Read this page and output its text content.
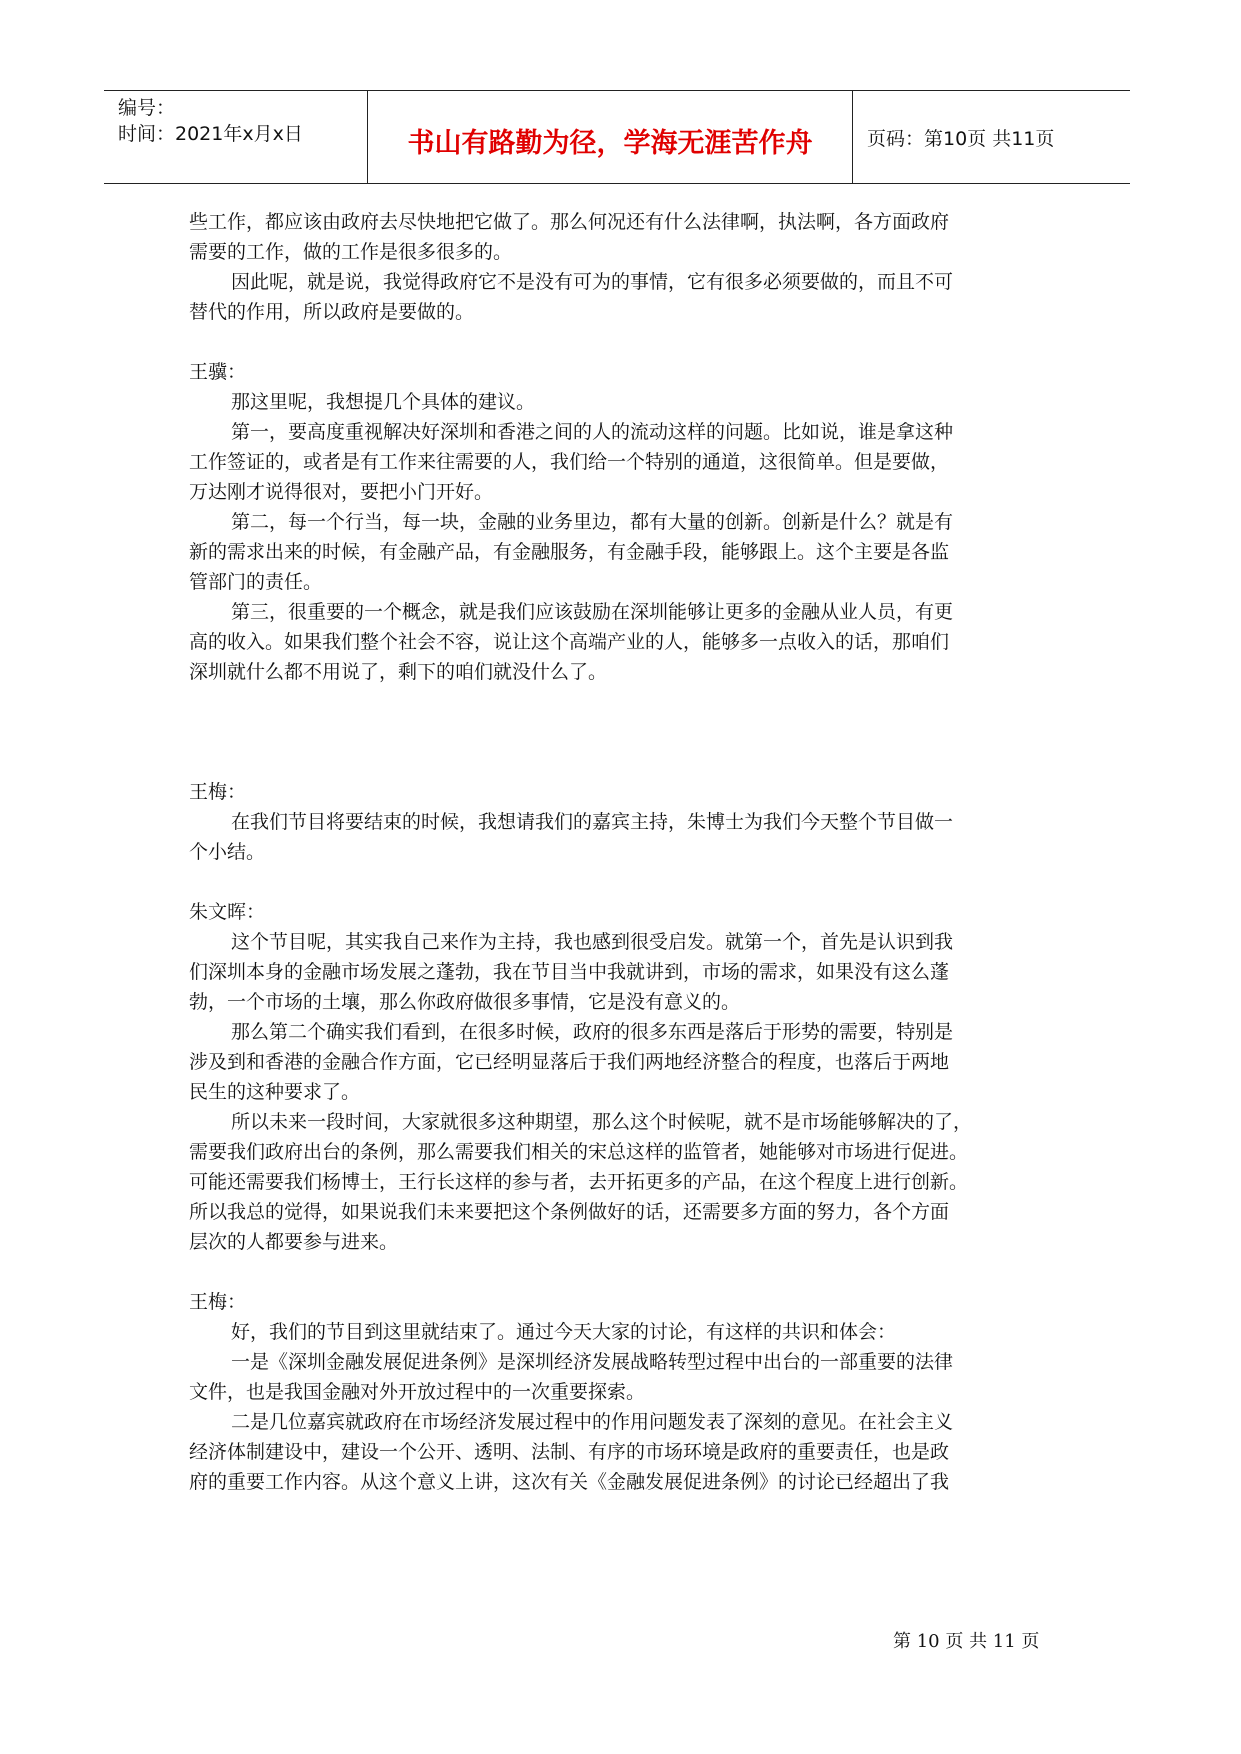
编号：
时间：2021年x月x日	书山有路勤为径，学海无涯苦作舟	页码：第10页 共11页
些工作，都应该由政府去尽快地把它做了。那么何况还有什么法律啊，执法啊，各方面政府
需要的工作，做的工作是很多很多的。
因此呢，就是说，我觉得政府它不是没有可为的事情，它有很多必须要做的，而且不可
替代的作用，所以政府是要做的。
王骥：
那这里呢，我想提几个具体的建议。
第一，要高度重视解决好深圳和香港之间的人的流动这样的问题。比如说，谁是拿这种
工作签证的，或者是有工作来往需要的人，我们给一个特别的通道，这很简单。但是要做，
万达刚才说得很对，要把小门开好。
第二，每一个行当，每一块，金融的业务里边，都有大量的创新。创新是什么？就是有
新的需求出来的时候，有金融产品，有金融服务，有金融手段，能够跟上。这个主要是各监
管部门的责任。
第三，很重要的一个概念，就是我们应该鼓励在深圳能够让更多的金融从业人员，有更
高的收入。如果我们整个社会不容，说让这个高端产业的人，能够多一点收入的话，那咱们
深圳就什么都不用说了，剩下的咱们就没什么了。
王梅：
在我们节目将要结束的时候，我想请我们的嘉宾主持，朱博士为我们今天整个节目做一
个小结。
朱文晖：
这个节目呢，其实我自己来作为主持，我也感到很受启发。就第一个，首先是认识到我
们深圳本身的金融市场发展之蓬勃，我在节目当中我就讲到，市场的需求，如果没有这么蓬
勃，一个市场的土壤，那么你政府做很多事情，它是没有意义的。
那么第二个确实我们看到，在很多时候，政府的很多东西是落后于形势的需要，特别是
涉及到和香港的金融合作方面，它已经明显落后于我们两地经济整合的程度，也落后于两地
民生的这种要求了。
所以未来一段时间，大家就很多这种期望，那么这个时候呢，就不是市场能够解决的了，
需要我们政府出台的条例，那么需要我们相关的宋总这样的监管者，她能够对市场进行促进。
可能还需要我们杨博士，王行长这样的参与者，去开拓更多的产品，在这个程度上进行创新。
所以我总的觉得，如果说我们未来要把这个条例做好的话，还需要多方面的努力，各个方面
层次的人都要参与进来。
王梅：
好，我们的节目到这里就结束了。通过今天大家的讨论，有这样的共识和体会：
一是《深圳金融发展促进条例》是深圳经济发展战略转型过程中出台的一部重要的法律
文件，也是我国金融对外开放过程中的一次重要探索。
二是几位嘉宾就政府在市场经济发展过程中的作用问题发表了深刻的意见。在社会主义
经济体制建设中，建设一个公开、透明、法制、有序的市场环境是政府的重要责任，也是政
府的重要工作内容。从这个意义上讲，这次有关《金融发展促进条例》的讨论已经超出了我
第 10 页 共 11 页
